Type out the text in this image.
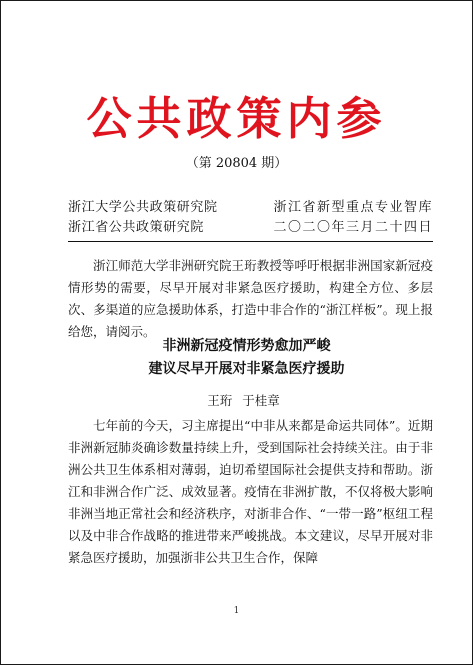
公共政策内参
（第 20804 期）
浙江大学公共政策研究院
浙江省公共政策研究院
浙江省新型重点专业智库
二〇二〇年三月二十四日

浙江师范大学非洲研究院王珩教授等呼吁根据非洲国家新冠疫情形势的需要，尽早开展对非紧急医疗援助，构建全方位、多层次、多渠道的应急援助体系，打造中非合作的“浙江样板”。现上报给您，请阅示。

非洲新冠疫情形势愈加严峻
建议尽早开展对非紧急医疗援助
王珩 于桂章

七年前的今天，习主席提出“中非从来都是命运共同体”。近期非洲新冠肺炎确诊数量持续上升，受到国际社会持续关注。由于非洲公共卫生体系相对薄弱，迫切希望国际社会提供支持和帮助。浙江和非洲合作广泛、成效显著。疫情在非洲扩散，不仅将极大影响非洲当地正常社会和经济秩序，对浙非合作、“一带一路”枢纽工程以及中非合作战略的推进带来严峻挑战。本文建议，尽早开展对非紧急医疗援助，加强浙非公共卫生合作，保障

1
